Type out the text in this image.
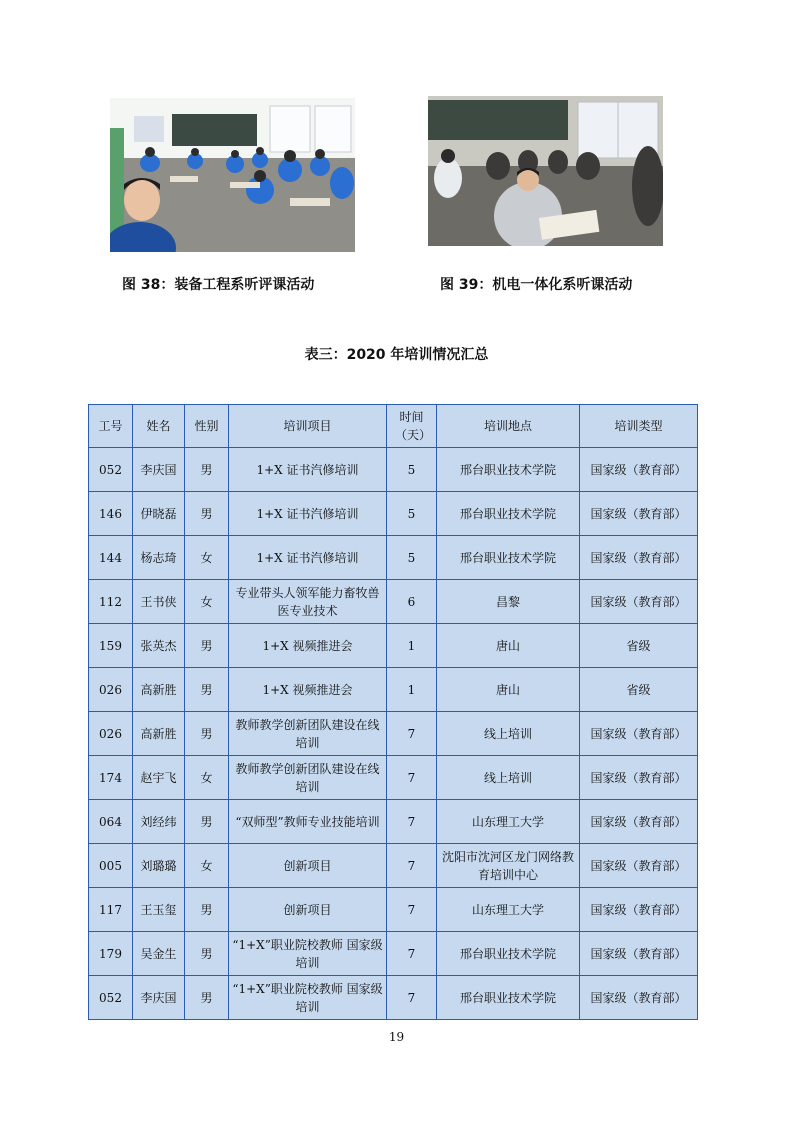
图 38：装备工程系听评课活动	图 39：机电一体化系听课活动
表三：2020 年培训情况汇总
工号	姓名	性别	培训项目	时间（天）	培训地点	培训类型
052	李庆国	男	1+X 证书汽修培训	5	邢台职业技术学院	国家级（教育部）
146	伊晓磊	男	1+X 证书汽修培训	5	邢台职业技术学院	国家级（教育部）
144	杨志琦	女	1+X 证书汽修培训	5	邢台职业技术学院	国家级（教育部）
112	王书侠	女	专业带头人领军能力畜牧兽医专业技术	6	昌黎	国家级（教育部）
159	张英杰	男	1+X 视频推进会	1	唐山	省级
026	高新胜	男	1+X 视频推进会	1	唐山	省级
026	高新胜	男	教师教学创新团队建设在线培训	7	线上培训	国家级（教育部）
174	赵宇飞	女	教师教学创新团队建设在线培训	7	线上培训	国家级（教育部）
064	刘经纬	男	“双师型”教师专业技能培训	7	山东理工大学	国家级（教育部）
005	刘璐璐	女	创新项目	7	沈阳市沈河区龙门网络教育培训中心	国家级（教育部）
117	王玉玺	男	创新项目	7	山东理工大学	国家级（教育部）
179	吴金生	男	“1+X”职业院校教师 国家级培训	7	邢台职业技术学院	国家级（教育部）
052	李庆国	男	“1+X”职业院校教师 国家级培训	7	邢台职业技术学院	国家级（教育部）
19
